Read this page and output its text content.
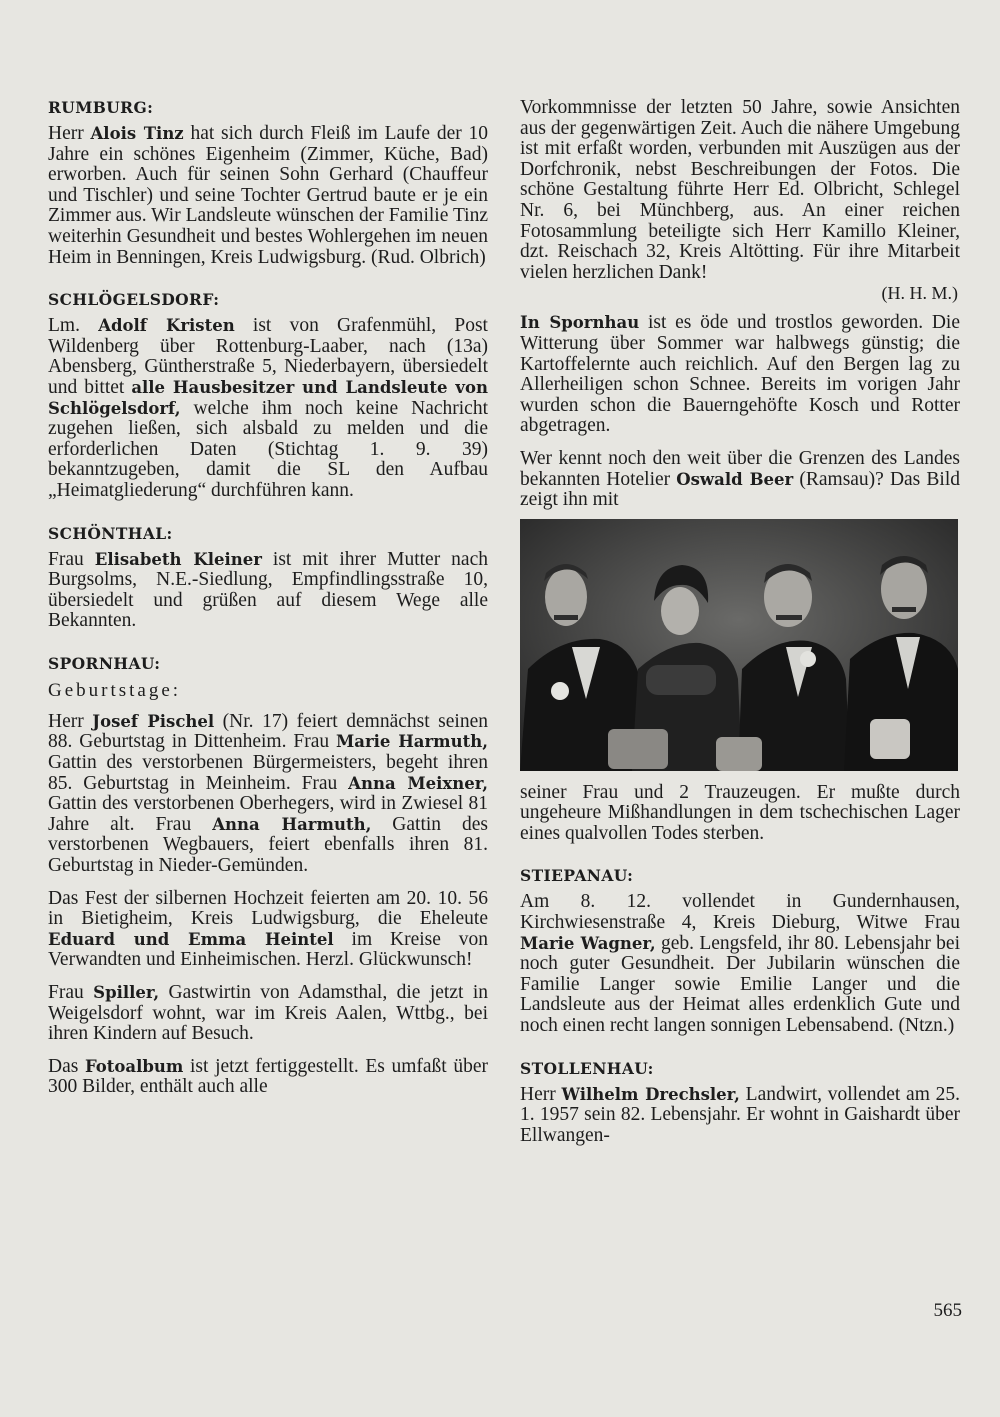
RUMBURG:

Herr Alois Tinz hat sich durch Fleiß im Laufe der 10 Jahre ein schönes Eigenheim (Zimmer, Küche, Bad) erworben. Auch für seinen Sohn Gerhard (Chauffeur und Tischler) und seine Tochter Gertrud baute er je ein Zimmer aus. Wir Landsleute wünschen der Familie Tinz weiterhin Gesundheit und bestes Wohlergehen im neuen Heim in Benningen, Kreis Ludwigsburg. (Rud. Olbrich)

SCHLÖGELSDORF:

Lm. Adolf Kristen ist von Grafenmühl, Post Wildenberg über Rottenburg-Laaber, nach (13a) Abensberg, Güntherstraße 5, Niederbayern, übersiedelt und bittet alle Hausbesitzer und Landsleute von Schlögelsdorf, welche ihm noch keine Nachricht zugehen ließen, sich alsbald zu melden und die erforderlichen Daten (Stichtag 1. 9. 39) bekanntzugeben, damit die SL den Aufbau „Heimatgliederung“ durchführen kann.

SCHÖNTHAL:

Frau Elisabeth Kleiner ist mit ihrer Mutter nach Burgsolms, N.E.-Siedlung, Empfindlingsstraße 10, übersiedelt und grüßen auf diesem Wege alle Bekannten.

SPORNHAU:
Geburtstage:

Herr Josef Pischel (Nr. 17) feiert demnächst seinen 88. Geburtstag in Dittenheim. Frau Marie Harmuth, Gattin des verstorbenen Bürgermeisters, begeht ihren 85. Geburtstag in Meinheim. Frau Anna Meixner, Gattin des verstorbenen Oberhegers, wird in Zwiesel 81 Jahre alt. Frau Anna Harmuth, Gattin des verstorbenen Wegbauers, feiert ebenfalls ihren 81. Geburtstag in Nieder-Gemünden.

Das Fest der silbernen Hochzeit feierten am 20. 10. 56 in Bietigheim, Kreis Ludwigsburg, die Eheleute Eduard und Emma Heintel im Kreise von Verwandten und Einheimischen. Herzl. Glückwunsch!

Frau Spiller, Gastwirtin von Adamsthal, die jetzt in Weigelsdorf wohnt, war im Kreis Aalen, Wttbg., bei ihren Kindern auf Besuch.

Das Fotoalbum ist jetzt fertiggestellt. Es umfaßt über 300 Bilder, enthält auch alle

Vorkommnisse der letzten 50 Jahre, sowie Ansichten aus der gegenwärtigen Zeit. Auch die nähere Umgebung ist mit erfaßt worden, verbunden mit Auszügen aus der Dorfchronik, nebst Beschreibungen der Fotos. Die schöne Gestaltung führte Herr Ed. Olbricht, Schlegel Nr. 6, bei Münchberg, aus. An einer reichen Fotosammlung beteiligte sich Herr Kamillo Kleiner, dzt. Reischach 32, Kreis Altötting. Für ihre Mitarbeit vielen herzlichen Dank!

(H. H. M.)

In Spornhau ist es öde und trostlos geworden. Die Witterung über Sommer war halbwegs günstig; die Kartoffelernte auch reichlich. Auf den Bergen lag zu Allerheiligen schon Schnee. Bereits im vorigen Jahr wurden schon die Bauerngehöfte Kosch und Rotter abgetragen.

Wer kennt noch den weit über die Grenzen des Landes bekannten Hotelier Oswald Beer (Ramsau)? Das Bild zeigt ihn mit

seiner Frau und 2 Trauzeugen. Er mußte durch ungeheure Mißhandlungen in dem tschechischen Lager eines qualvollen Todes sterben.

STIEPANAU:

Am 8. 12. vollendet in Gundernhausen, Kirchwiesenstraße 4, Kreis Dieburg, Witwe Frau Marie Wagner, geb. Lengsfeld, ihr 80. Lebensjahr bei noch guter Gesundheit. Der Jubilarin wünschen die Familie Langer sowie Emilie Langer und die Landsleute aus der Heimat alles erdenklich Gute und noch einen recht langen sonnigen Lebensabend. (Ntzn.)

STOLLENHAU:

Herr Wilhelm Drechsler, Landwirt, vollendet am 25. 1. 1957 sein 82. Lebensjahr. Er wohnt in Gaishardt über Ellwangen-

565
